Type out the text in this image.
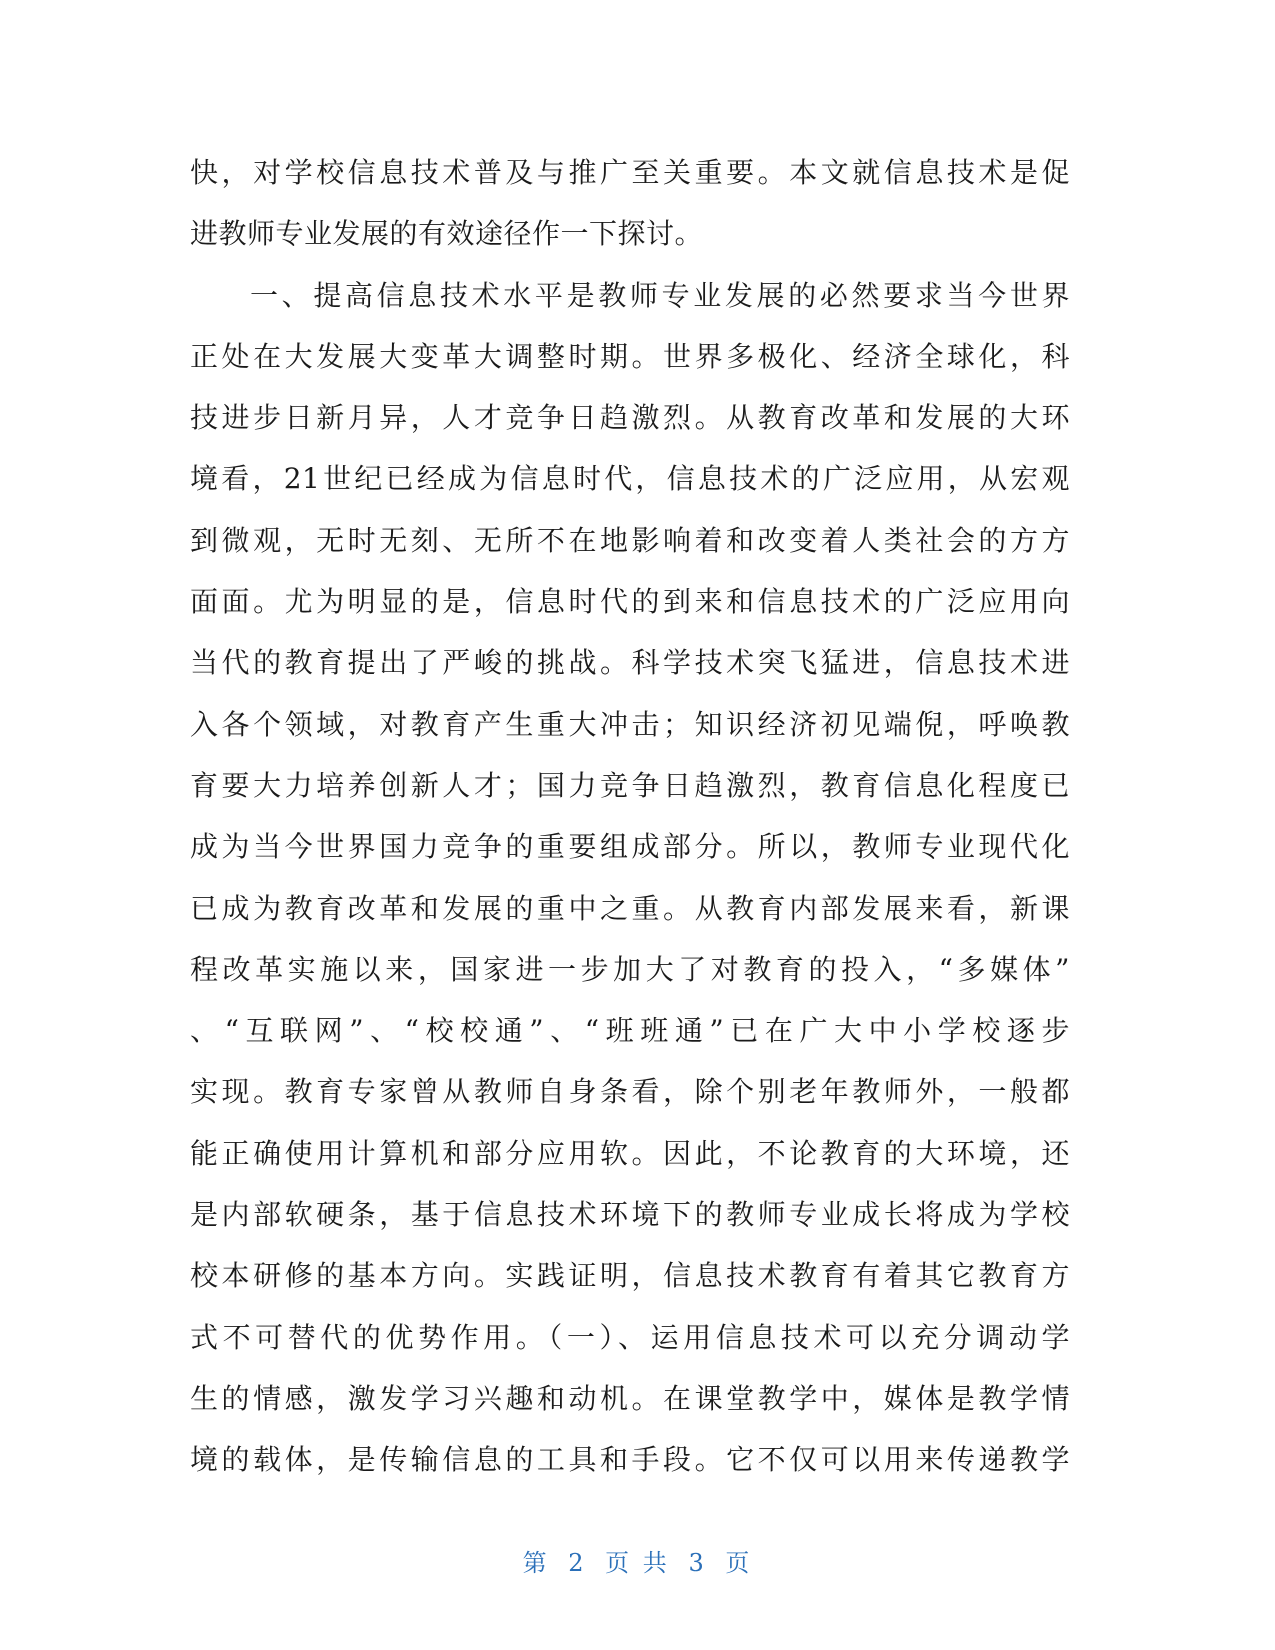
快，对学校信息技术普及与推广至关重要。本文就信息技术是促
进教师专业发展的有效途径作一下探讨。
一、提高信息技术水平是教师专业发展的必然要求当今世界
正处在大发展大变革大调整时期。世界多极化、经济全球化，科
技进步日新月异，人才竞争日趋激烈。从教育改革和发展的大环
境看，21世纪已经成为信息时代，信息技术的广泛应用，从宏观
到微观，无时无刻、无所不在地影响着和改变着人类社会的方方
面面。尤为明显的是，信息时代的到来和信息技术的广泛应用向
当代的教育提出了严峻的挑战。科学技术突飞猛进，信息技术进
入各个领域，对教育产生重大冲击；知识经济初见端倪，呼唤教
育要大力培养创新人才；国力竞争日趋激烈，教育信息化程度已
成为当今世界国力竞争的重要组成部分。所以，教师专业现代化
已成为教育改革和发展的重中之重。从教育内部发展来看，新课
程改革实施以来，国家进一步加大了对教育的投入，“多媒体”
、“互联网”、“校校通”、“班班通”已在广大中小学校逐步
实现。教育专家曾从教师自身条看，除个别老年教师外，一般都
能正确使用计算机和部分应用软。因此，不论教育的大环境，还
是内部软硬条，基于信息技术环境下的教师专业成长将成为学校
校本研修的基本方向。实践证明，信息技术教育有着其它教育方
式不可替代的优势作用。（一）、运用信息技术可以充分调动学
生的情感，激发学习兴趣和动机。在课堂教学中，媒体是教学情
境的载体，是传输信息的工具和手段。它不仅可以用来传递教学
第 2 页 共 3 页
